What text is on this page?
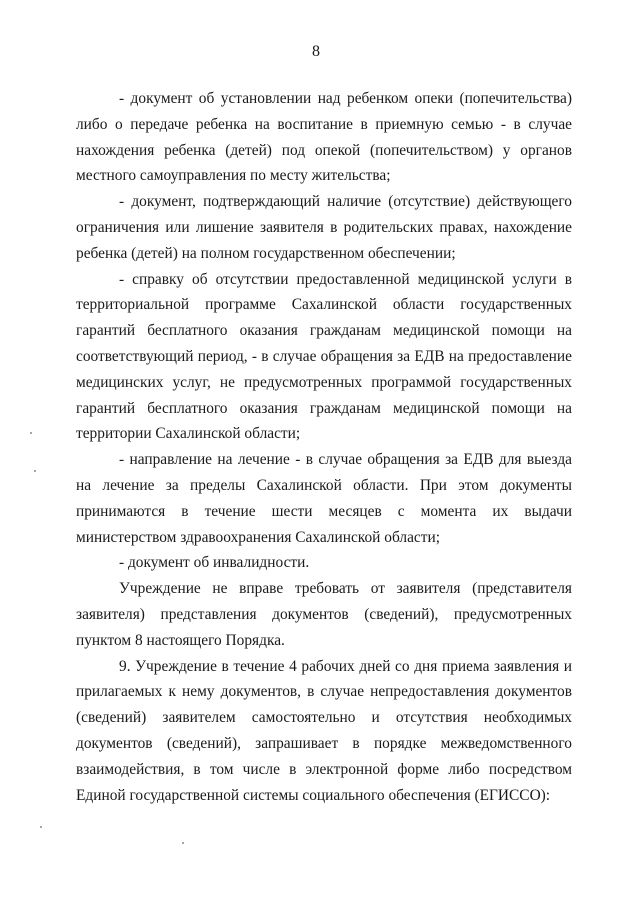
8

- документ об установлении над ребенком опеки (попечительства) либо о передаче ребенка на воспитание в приемную семью - в случае нахождения ребенка (детей) под опекой (попечительством) у органов местного самоуправления по месту жительства;

- документ, подтверждающий наличие (отсутствие) действующего ограничения или лишение заявителя в родительских правах, нахождение ребенка (детей) на полном государственном обеспечении;

- справку об отсутствии предоставленной медицинской услуги в территориальной программе Сахалинской области государственных гарантий бесплатного оказания гражданам медицинской помощи на соответствующий период, - в случае обращения за ЕДВ на предоставление медицинских услуг, не предусмотренных программой государственных гарантий бесплатного оказания гражданам медицинской помощи на территории Сахалинской области;

- направление на лечение - в случае обращения за ЕДВ для выезда на лечение за пределы Сахалинской области. При этом документы принимаются в течение шести месяцев с момента их выдачи министерством здравоохранения Сахалинской области;

- документ об инвалидности.

Учреждение не вправе требовать от заявителя (представителя заявителя) представления документов (сведений), предусмотренных пунктом 8 настоящего Порядка.

9. Учреждение в течение 4 рабочих дней со дня приема заявления и прилагаемых к нему документов, в случае непредоставления документов (сведений) заявителем самостоятельно и отсутствия необходимых документов (сведений), запрашивает в порядке межведомственного взаимодействия, в том числе в электронной форме либо посредством Единой государственной системы социального обеспечения (ЕГИССО):
